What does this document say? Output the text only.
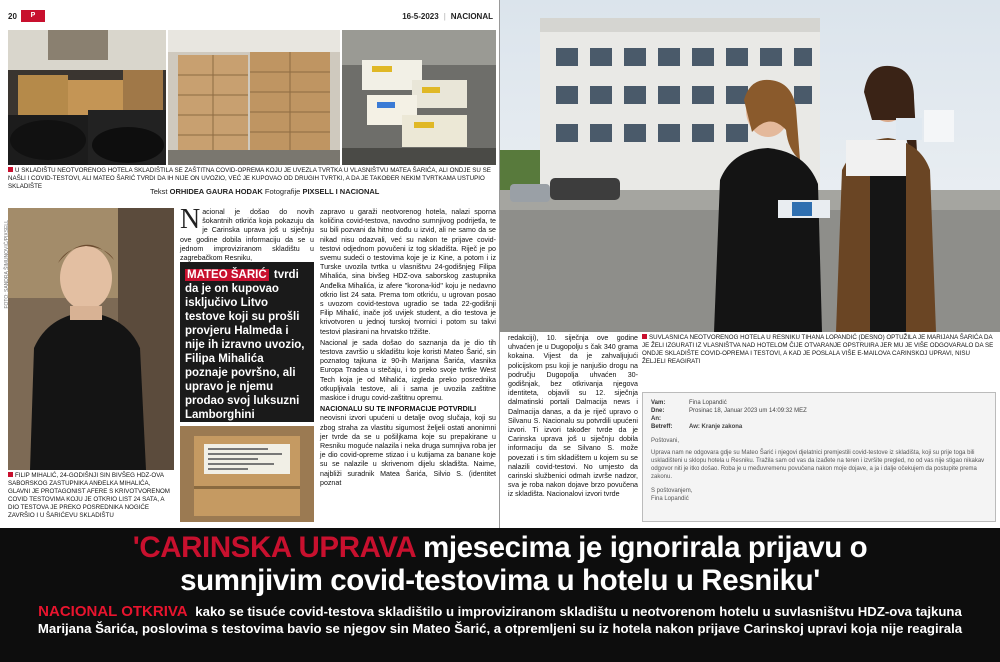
20	P	16-5-2023 | NACIONAL
U SKLADIŠTU NEOTVORENOG HOTELA SKLADIŠTILA SE ZAŠTITNA COVID-OPREMA KOJU JE UVEZLA TVRTKA U VLASNIŠTVU MATEA ŠARIĆA, ALI ONDJE SU SE NAŠLI I COVID-TESTOVI, ALI MATEO ŠARIĆ TVRDI DA IH NIJE ON UVOZIO, VEĆ JE KUPOVAO OD DRUGIH TVRTKI, A DA JE TAKOĐER NEKIM TVRTKAMA USTUPIO SKLADIŠTE
Tekst ORHIDEA GAURA HODAK Fotografije PIXSELL I NACIONAL
FOTO: SANDRA ŠIMUNOVIĆ/PIXSELL
FILIP MIHALIĆ, 24-GODIŠNJI SIN BIVŠEG HDZ-OVA SABORSKOG ZASTUPNIKA ANĐELKA MIHALIĆA, GLAVNI JE PROTAGONIST AFERE S KRIVOTVORENOM COVID TESTOVIMA KOJU JE OTKRIO LIST 24 SATA, A DIO TESTOVA JE PREKO POSREDNIKA NOGIĆE ZAVRŠIO I U ŠARIĆEVU SKLADIŠTU
Nacional je došao do novih šokantnih otkrića koja pokazuju da je Carinska uprava još u siječnju ove godine dobila informaciju da se u jednom improviziranom skladištu u zagrebačkom Resniku,
MATEO ŠARIĆ tvrdi da je on kupovao isključivo Litvo testove koji su prošli provjeru Halmeda i nije ih izravno uvozio, Filipa Mihalića poznaje površno, ali upravo je njemu prodao svoj luksuzni Lamborghini

zapravo u garaži neotvorenog hotela, nalazi sporna količina covid-testova, navodno sumnjivog podrijetla, te su bili pozvani da hitno dođu u izvid, ali ne samo da se nikad nisu odazvali, već su nakon te prijave covid-testovi odjednom povučeni iz tog skladišta. Riječ je po svemu sudeći o testovima koje je iz Kine, a potom i iz Turske uvozila tvrtka u vlasništvu 24-godišnjeg Filipa Mihalića, sina bivšeg HDZ-ova saborskog zastupnika Anđelka Mihalića, iz afere "korona-kid" koju je nedavno otkrio list 24 sata. Prema tom otkriću, u ugrovan posao s uvozom covid-testova ugradio se tada 22-godišnji Filip Mihalić, inače još uvijek student, a dio testova je krivotvoren u jednoj turskoj tvornici i potom su takvi testovi plasirani na hrvatsko tržište.

Nacional je sada došao do saznanja da je dio tih testova završio u skladištu koje koristi Mateo Šarić, sin poznatog tajkuna iz 90-ih Marijana Šarića, vlasnika Europa Tradea u stečaju, i to preko svoje tvrtke West Tech koja je od Mihalića, izgleda preko posrednika otkupljivala testove, ali i sama je uvozila zaštitne maskice i drugu covid-zaštitnu opremu.

NACIONALU SU TE INFORMACIJE POTVRDILI

neovisni izvori upućeni u detalje ovog slučaja, koji su zbog straha za vlastitu sigurnost željeli ostati anonimni jer tvrde da se u pošiljkama koje su prepakirane u Resniku moguće nalazila i neka druga sumnjiva roba jer je dio covid-opreme stizao i u kutijama za banane koje su se nalazile u skrivenom dijelu skladišta. Naime, najbliži suradnik Matea Šarića, Silvio S. (identitet poznat

SUVLASNICA NEOTVORENOG HOTELA U RESNIKU TIHANA LOPANDIĆ (DESNO) OPTUŽILA JE MARIJANA ŠARIĆA DA JE ŽELI IZGURATI IZ VLASNIŠTVA NAD HOTELOM ČIJE OTVARANJE OPSTRUIRA JER MU JE VIŠE ODGOVARALO DA SE ONDJE SKLADIŠTE COVID-OPREMA I TESTOVI, A KAD JE POSLALA VIŠE E-MAILOVA CARINSKOJ UPRAVI, NISU ŽELJELI REAGIRATI

redakciji), 10. siječnja ove godine uhvaćen je u Dugopolju s čak 340 grama kokaina. Vijest da je zahvaljujući policijskom psu koji je nanjušio drogu na području Dugopolja uhvaćen 30-godišnjak, bez otkrivanja njegova identiteta, objavili su 12. siječnja dalmatinski portali Dalmacija news i Dalmacija danas, a da je riječ upravo o Silvanu S. Nacionalu su potvrdili upućeni izvori. Ti izvori također tvrde da je Carinska uprava još u siječnju dobila informaciju da se Silvano S. može povezati i s tim skladištem u kojem su se nalazili covid-testovi. No umjesto da carinski službenici odmah izvrše nadzor, sva je roba nakon dojave brzo povučena iz skladišta. Nacionalovi izvori tvrde

Vam:	Fina Lopandić
Dne:	Prosinac 18, Januar 2023 um 14:09:32 MEZ
An:
Betreff:	Aw: Kranje zakona
Poštovani,
Uprava nam ne odgovara gdje su Mateo Šarić i njegovi djelatnici premjestili covid-testove iz skladišta, koji su prije toga bili uskladišteni u sklopu hotela u Resniku. Tražila sam od vas da izađete na teren i izvršite pregled, no od vas nije stigao nikakav odgovor niti je itko došao. Roba je u međuvremenu povučena nakon moje dojave, a ja i dalje očekujem da postupite prema zakonu.
S poštovanjem,
Fina Lopandić
'CARINSKA UPRAVA mjesecima je ignorirala prijavu o
sumnjivim covid-testovima u hotelu u Resniku'
NACIONAL OTKRIVA kako se tisuće covid-testova skladištilo u improviziranom skladištu u neotvorenom hotelu u suvlasništvu HDZ-ova tajkuna Marijana Šarića, poslovima s testovima bavio se njegov sin Mateo Šarić, a otpremljeni su iz hotela nakon prijave Carinskoj upravi koja nije reagirala
